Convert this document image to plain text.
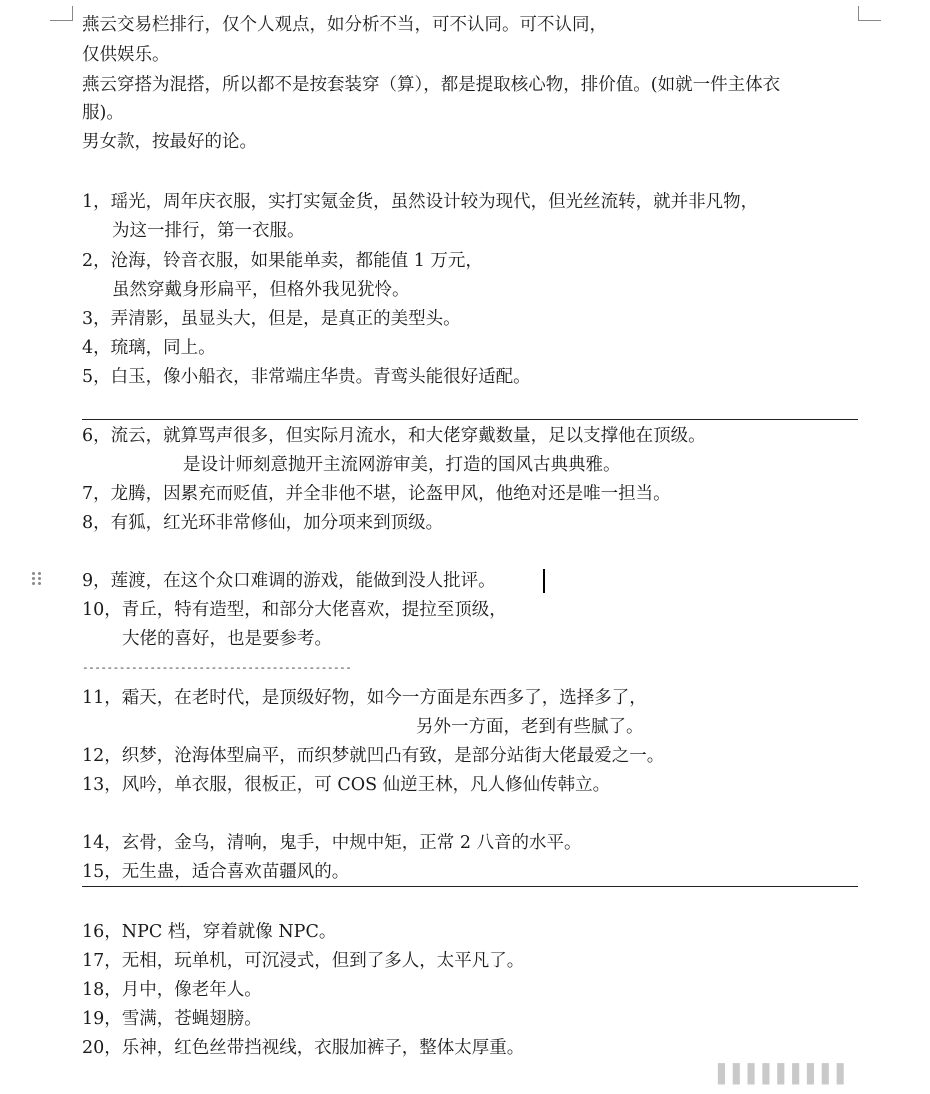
燕云交易栏排行，仅个人观点，如分析不当，可不认同。可不认同，
仅供娱乐。
燕云穿搭为混搭，所以都不是按套装穿（算），都是提取核心物，排价值。(如就一件主体衣
服)。
男女款，按最好的论。
1，瑶光，周年庆衣服，实打实氪金货，虽然设计较为现代，但光丝流转，就并非凡物，
为这一排行，第一衣服。
2，沧海，铃音衣服，如果能单卖，都能值 1 万元，
虽然穿戴身形扁平，但格外我见犹怜。
3，弄清影，虽显头大，但是，是真正的美型头。
4，琉璃，同上。
5，白玉，像小船衣，非常端庄华贵。青鸾头能很好适配。
6，流云，就算骂声很多，但实际月流水，和大佬穿戴数量，足以支撑他在顶级。
是设计师刻意抛开主流网游审美，打造的国风古典典雅。
7，龙腾，因累充而贬值，并全非他不堪，论盔甲风，他绝对还是唯一担当。
8，有狐，红光环非常修仙，加分项来到顶级。
9，莲渡，在这个众口难调的游戏，能做到没人批评。
10，青丘，特有造型，和部分大佬喜欢，提拉至顶级，
大佬的喜好，也是要参考。
--------------------------------------------
11，霜天，在老时代，是顶级好物，如今一方面是东西多了，选择多了，
另外一方面，老到有些腻了。
12，织梦，沧海体型扁平，而织梦就凹凸有致，是部分站街大佬最爱之一。
13，风吟，单衣服，很板正，可 COS 仙逆王林，凡人修仙传韩立。
14，玄骨，金乌，清响，鬼手，中规中矩，正常 2 八音的水平。
15，无生蛊，适合喜欢苗疆风的。
16，NPC 档，穿着就像 NPC。
17，无相，玩单机，可沉浸式，但到了多人，太平凡了。
18，月中，像老年人。
19，雪满，苍蝇翅膀。
20，乐神，红色丝带挡视线，衣服加裤子，整体太厚重。
▌▌▌▌▌▌▌▌▌
